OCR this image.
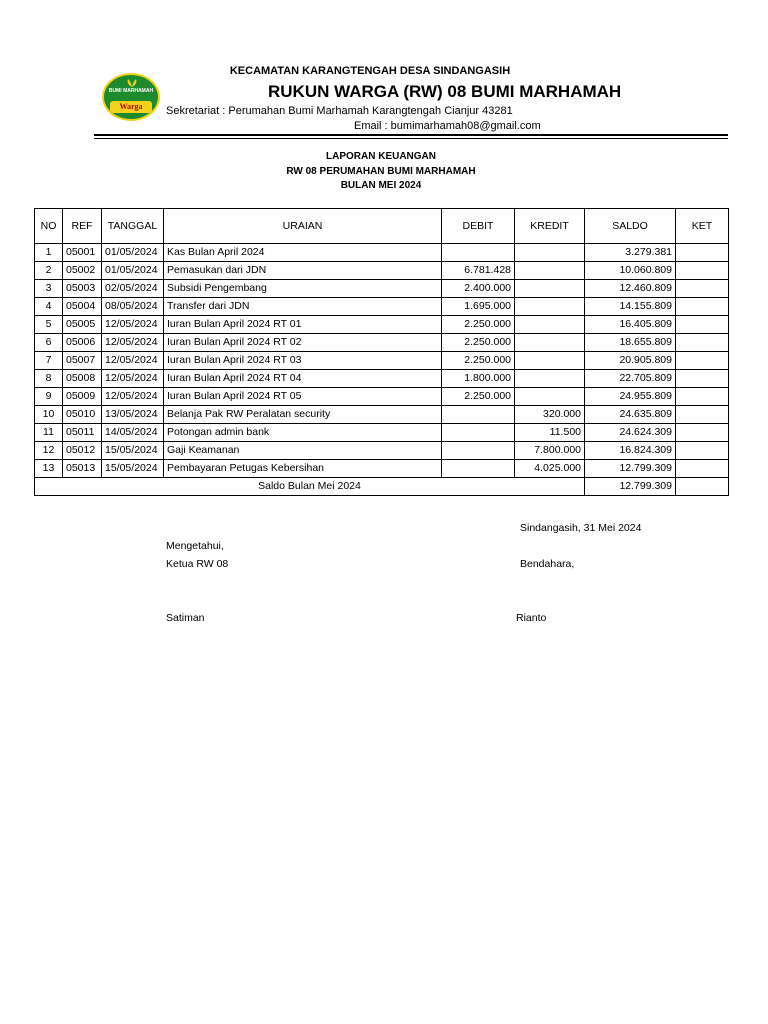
BUMI MARHAMAH
Warga
KECAMATAN KARANGTENGAH DESA SINDANGASIH
RUKUN WARGA (RW) 08 BUMI MARHAMAH
Sekretariat : Perumahan Bumi Marhamah Karangtengah Cianjur 43281
Email : bumimarhamah08@gmail.com
LAPORAN KEUANGAN
RW 08 PERUMAHAN BUMI MARHAMAH
BULAN MEI 2024
NO	REF	TANGGAL	URAIAN	DEBIT	KREDIT	SALDO	KET
1	05001	01/05/2024	Kas Bulan April 2024			3.279.381	
2	05002	01/05/2024	Pemasukan dari JDN	6.781.428		10.060.809	
3	05003	02/05/2024	Subsidi Pengembang	2.400.000		12.460.809	
4	05004	08/05/2024	Transfer dari JDN	1.695.000		14.155.809	
5	05005	12/05/2024	Iuran Bulan April 2024 RT 01	2.250.000		16.405.809	
6	05006	12/05/2024	Iuran Bulan April 2024 RT 02	2.250.000		18.655.809	
7	05007	12/05/2024	Iuran Bulan April 2024 RT 03	2.250.000		20.905.809	
8	05008	12/05/2024	Iuran Bulan April 2024 RT 04	1.800.000		22.705.809	
9	05009	12/05/2024	Iuran Bulan April 2024 RT 05	2.250.000		24.955.809	
10	05010	13/05/2024	Belanja Pak RW Peralatan security		320.000	24.635.809	
11	05011	14/05/2024	Potongan admin bank		11.500	24.624.309	
12	05012	15/05/2024	Gaji Keamanan		7.800.000	16.824.309	
13	05013	15/05/2024	Pembayaran Petugas Kebersihan		4.025.000	12.799.309	
Saldo Bulan Mei 2024						12.799.309	
Sindangasih, 31 Mei 2024
Mengetahui,
Ketua RW 08	Bendahara,
Satiman	Rianto
